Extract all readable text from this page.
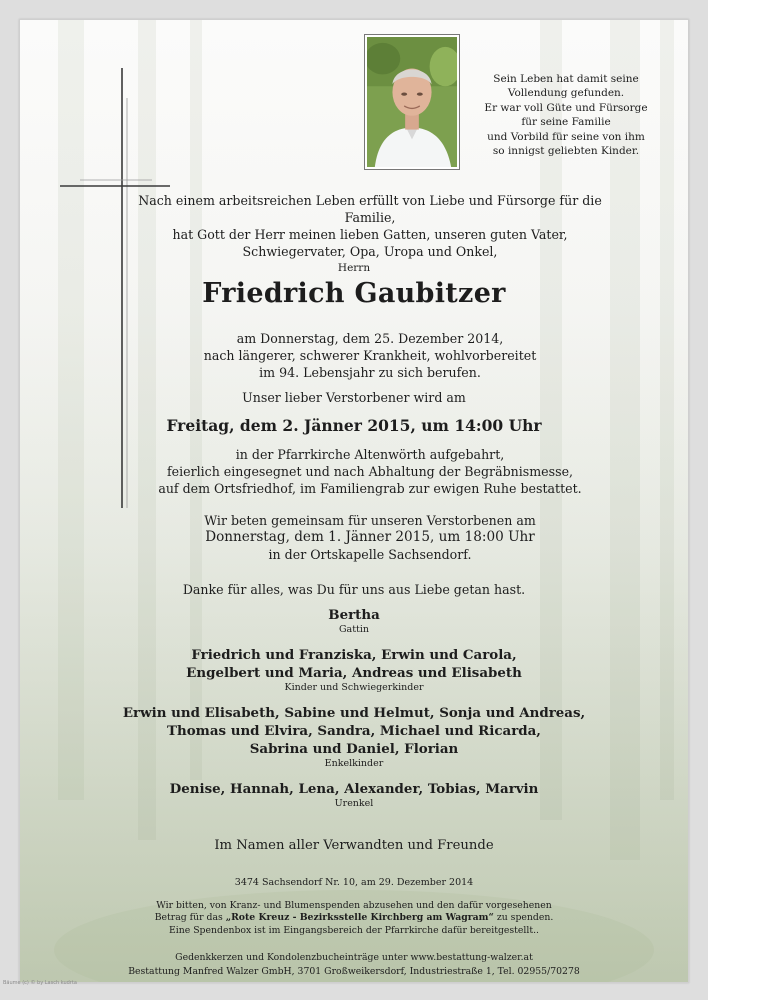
Sein Leben hat damit seine
Vollendung gefunden.
Er war voll Güte und Fürsorge
für seine Familie
und Vorbild für seine von ihm
so innigst geliebten Kinder.
Nach einem arbeitsreichen Leben erfüllt von Liebe und Fürsorge für die Familie,
hat Gott der Herr meinen lieben Gatten, unseren guten Vater,
Schwiegervater, Opa, Uropa und Onkel,
Herrn
Friedrich Gaubitzer
am Donnerstag, dem 25. Dezember 2014,
nach längerer, schwerer Krankheit, wohlvorbereitet
im 94. Lebensjahr zu sich berufen.
Unser lieber Verstorbener wird am
Freitag, dem 2. Jänner 2015, um 14:00 Uhr
in der Pfarrkirche Altenwörth aufgebahrt,
feierlich eingesegnet und nach Abhaltung der Begräbnismesse,
auf dem Ortsfriedhof, im Familiengrab zur ewigen Ruhe bestattet.
Wir beten gemeinsam für unseren Verstorbenen am
Donnerstag, dem 1. Jänner 2015, um 18:00 Uhr
in der Ortskapelle Sachsendorf.
Danke für alles, was Du für uns aus Liebe getan hast.
Bertha
Gattin
Friedrich und Franziska, Erwin und Carola,
Engelbert und Maria, Andreas und Elisabeth
Kinder und Schwiegerkinder
Erwin und Elisabeth, Sabine und Helmut, Sonja und Andreas,
Thomas und Elvira, Sandra, Michael und Ricarda,
Sabrina und Daniel, Florian
Enkelkinder
Denise, Hannah, Lena, Alexander, Tobias, Marvin
Urenkel
Im Namen aller Verwandten und Freunde
3474 Sachsendorf Nr. 10, am 29. Dezember 2014
Wir bitten, von Kranz- und Blumenspenden abzusehen und den dafür vorgesehenen
Betrag für das „Rote Kreuz - Bezirksstelle Kirchberg am Wagram“ zu spenden.
Eine Spendenbox ist im Eingangsbereich der Pfarrkirche dafür bereitgestellt..
Gedenkkerzen und Kondolenzbucheinträge unter www.bestattung-walzer.at
Bestattung Manfred Walzer GmbH, 3701 Großweikersdorf, Industriestraße 1, Tel. 02955/70278
Bäume (c) © by Lasch kudrta
